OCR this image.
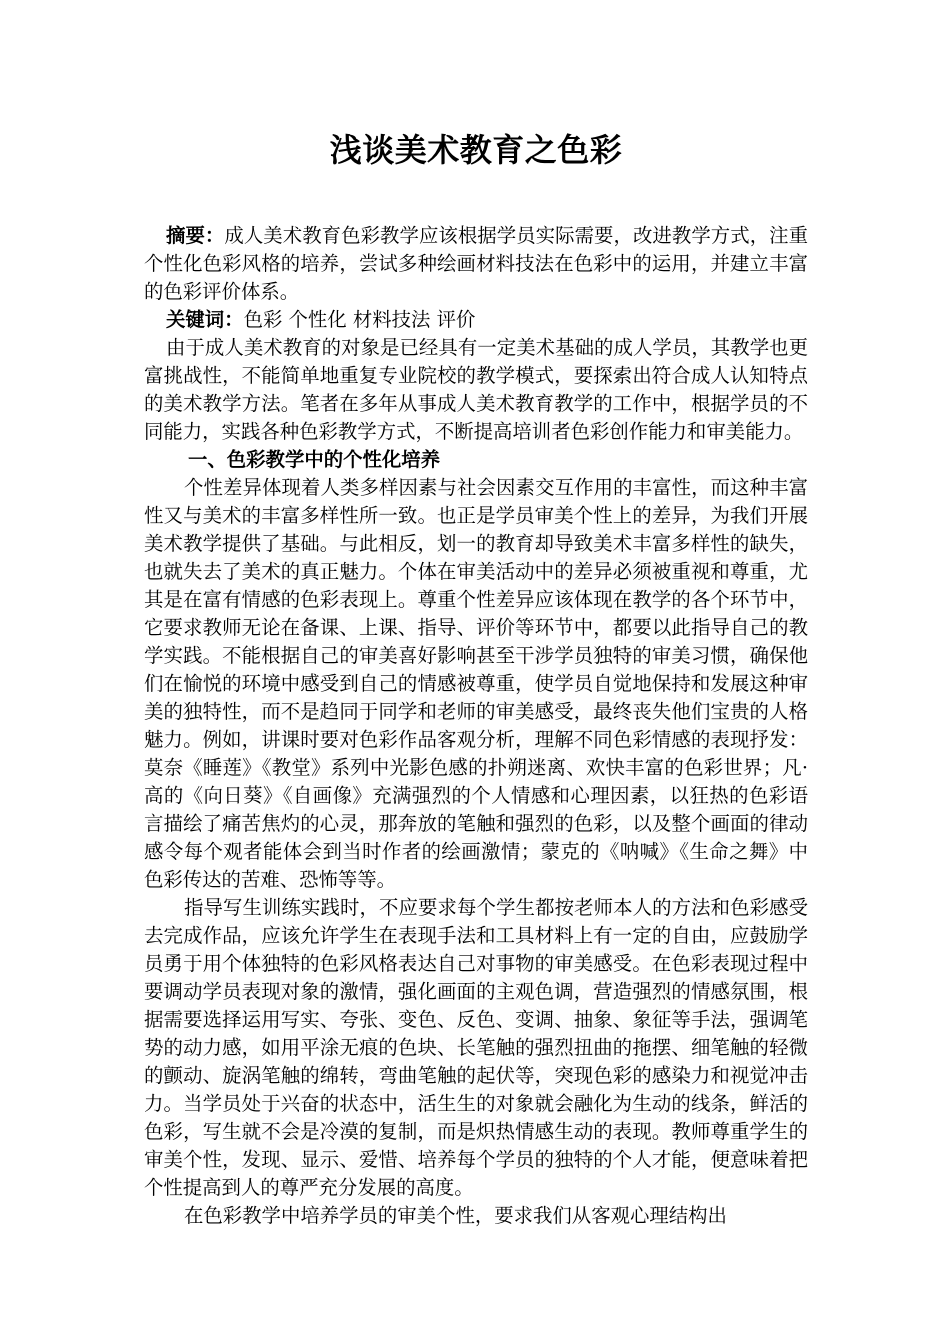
浅谈美术教育之色彩

摘要：成人美术教育色彩教学应该根据学员实际需要，改进教学方式，注重个性化色彩风格的培养，尝试多种绘画材料技法在色彩中的运用，并建立丰富的色彩评价体系。

关键词：色彩 个性化 材料技法 评价

由于成人美术教育的对象是已经具有一定美术基础的成人学员，其教学也更富挑战性，不能简单地重复专业院校的教学模式，要探索出符合成人认知特点的美术教学方法。笔者在多年从事成人美术教育教学的工作中，根据学员的不同能力，实践各种色彩教学方式，不断提高培训者色彩创作能力和审美能力。

一、色彩教学中的个性化培养

个性差异体现着人类多样因素与社会因素交互作用的丰富性，而这种丰富性又与美术的丰富多样性所一致。也正是学员审美个性上的差异，为我们开展美术教学提供了基础。与此相反，划一的教育却导致美术丰富多样性的缺失，也就失去了美术的真正魅力。个体在审美活动中的差异必须被重视和尊重，尤其是在富有情感的色彩表现上。尊重个性差异应该体现在教学的各个环节中，它要求教师无论在备课、上课、指导、评价等环节中，都要以此指导自己的教学实践。不能根据自己的审美喜好影响甚至干涉学员独特的审美习惯，确保他们在愉悦的环境中感受到自己的情感被尊重，使学员自觉地保持和发展这种审美的独特性，而不是趋同于同学和老师的审美感受，最终丧失他们宝贵的人格魅力。例如，讲课时要对色彩作品客观分析，理解不同色彩情感的表现抒发：莫奈《睡莲》《教堂》系列中光影色感的扑朔迷离、欢快丰富的色彩世界；凡·高的《向日葵》《自画像》充满强烈的个人情感和心理因素，以狂热的色彩语言描绘了痛苦焦灼的心灵，那奔放的笔触和强烈的色彩，以及整个画面的律动感令每个观者能体会到当时作者的绘画激情；蒙克的《呐喊》《生命之舞》中色彩传达的苦难、恐怖等等。

指导写生训练实践时，不应要求每个学生都按老师本人的方法和色彩感受去完成作品，应该允许学生在表现手法和工具材料上有一定的自由，应鼓励学员勇于用个体独特的色彩风格表达自己对事物的审美感受。在色彩表现过程中要调动学员表现对象的激情，强化画面的主观色调，营造强烈的情感氛围，根据需要选择运用写实、夸张、变色、反色、变调、抽象、象征等手法，强调笔势的动力感，如用平涂无痕的色块、长笔触的强烈扭曲的拖摆、细笔触的轻微的颤动、旋涡笔触的绵转，弯曲笔触的起伏等，突现色彩的感染力和视觉冲击力。当学员处于兴奋的状态中，活生生的对象就会融化为生动的线条，鲜活的色彩，写生就不会是冷漠的复制，而是炽热情感生动的表现。教师尊重学生的审美个性，发现、显示、爱惜、培养每个学员的独特的个人才能，便意味着把个性提高到人的尊严充分发展的高度。

在色彩教学中培养学员的审美个性，要求我们从客观心理结构出
